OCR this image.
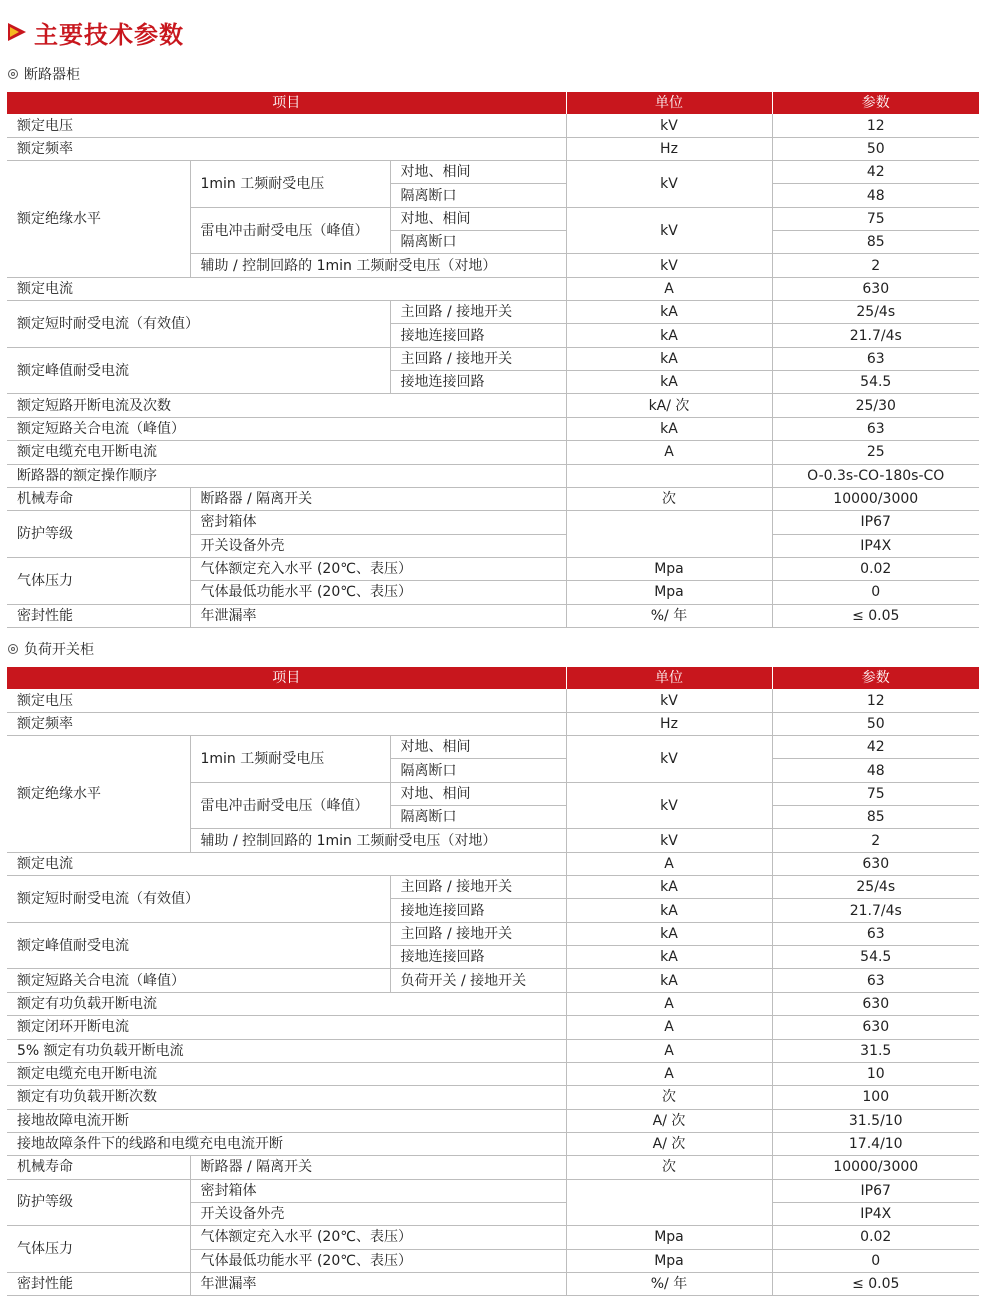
主要技术参数
断路器柜
项目			单位	参数
额定电压			kV	12
额定频率			Hz	50
额定绝缘水平	1min 工频耐受电压	对地、相间	kV	42
		隔离断口		48
	雷电冲击耐受电压（峰值）	对地、相间	kV	75
		隔离断口		85
	辅助 / 控制回路的 1min 工频耐受电压（对地）		kV	2
额定电流			A	630
额定短时耐受电流（有效值）		主回路 / 接地开关	kA	25/4s
		接地连接回路	kA	21.7/4s
额定峰值耐受电流		主回路 / 接地开关	kA	63
		接地连接回路	kA	54.5
额定短路开断电流及次数			kA/ 次	25/30
额定短路关合电流（峰值）			kA	63
额定电缆充电开断电流			A	25
断路器的额定操作顺序				O-0.3s-CO-180s-CO
机械寿命	断路器 / 隔离开关		次	10000/3000
防护等级	密封箱体			IP67
	开关设备外壳			IP4X
气体压力	气体额定充入水平 (20℃、表压）		Mpa	0.02
	气体最低功能水平 (20℃、表压）		Mpa	0
密封性能	年泄漏率		%/ 年	≤ 0.05
负荷开关柜
项目			单位	参数
额定电压			kV	12
额定频率			Hz	50
额定绝缘水平	1min 工频耐受电压	对地、相间	kV	42
		隔离断口		48
	雷电冲击耐受电压（峰值）	对地、相间	kV	75
		隔离断口		85
	辅助 / 控制回路的 1min 工频耐受电压（对地）		kV	2
额定电流			A	630
额定短时耐受电流（有效值）		主回路 / 接地开关	kA	25/4s
		接地连接回路	kA	21.7/4s
额定峰值耐受电流		主回路 / 接地开关	kA	63
		接地连接回路	kA	54.5
额定短路关合电流（峰值）		负荷开关 / 接地开关	kA	63
额定有功负载开断电流			A	630
额定闭环开断电流			A	630
5% 额定有功负载开断电流			A	31.5
额定电缆充电开断电流			A	10
额定有功负载开断次数			次	100
接地故障电流开断			A/ 次	31.5/10
接地故障条件下的线路和电缆充电电流开断			A/ 次	17.4/10
机械寿命	断路器 / 隔离开关		次	10000/3000
防护等级	密封箱体			IP67
	开关设备外壳			IP4X
气体压力	气体额定充入水平 (20℃、表压）		Mpa	0.02
	气体最低功能水平 (20℃、表压）		Mpa	0
密封性能	年泄漏率		%/ 年	≤ 0.05
